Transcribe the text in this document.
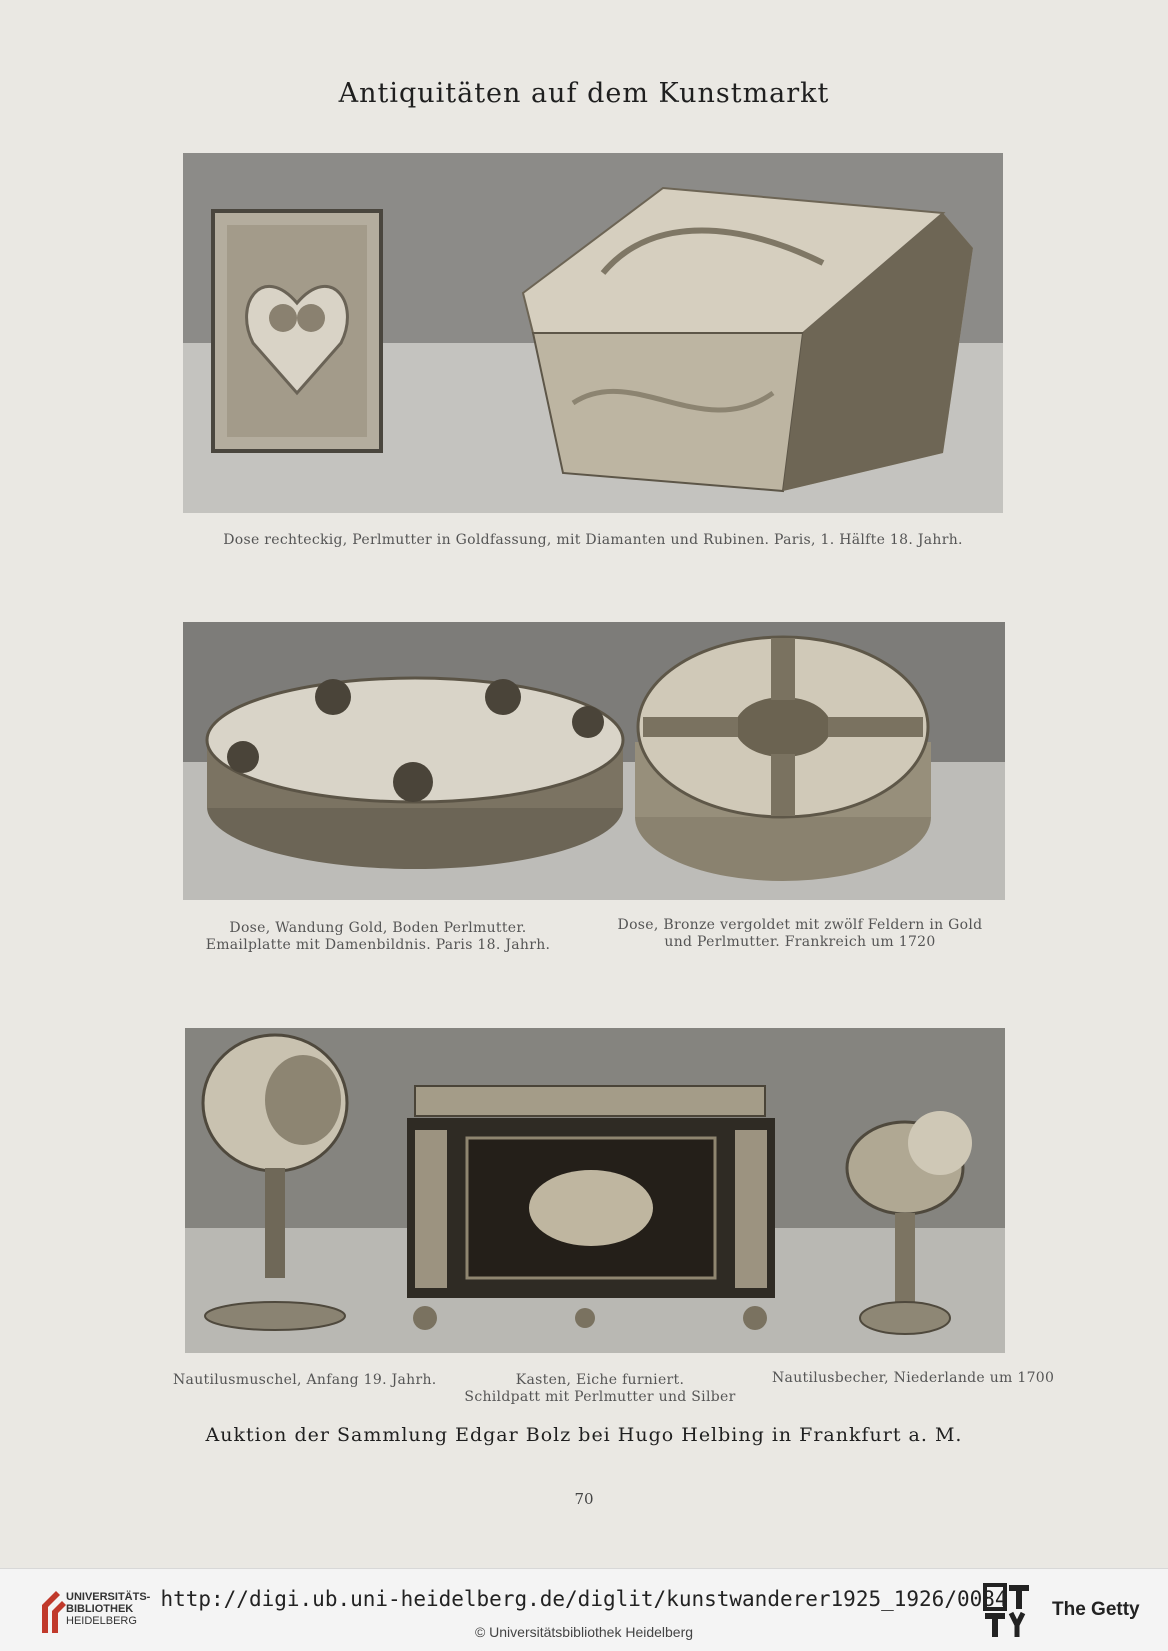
Antiquitäten auf dem Kunstmarkt
Dose rechteckig, Perlmutter in Goldfassung, mit Diamanten und Rubinen. Paris, 1. Hälfte 18. Jahrh.
Dose, Wandung Gold, Boden Perlmutter.
Emailplatte mit Damenbildnis. Paris 18. Jahrh.
Dose, Bronze vergoldet mit zwölf Feldern in Gold
und Perlmutter. Frankreich um 1720
Nautilusmuschel, Anfang 19. Jahrh.	Kasten, Eiche furniert.
Schildpatt mit Perlmutter und Silber
Nautilusbecher, Niederlande um 1700
Auktion der Sammlung Edgar Bolz bei Hugo Helbing in Frankfurt a. M.
70
UNIVERSITÄTS-
BIBLIOTHEK
HEIDELBERG
http://digi.ub.uni-heidelberg.de/diglit/kunstwanderer1925_1926/0084
© Universitätsbibliothek Heidelberg
The Getty
